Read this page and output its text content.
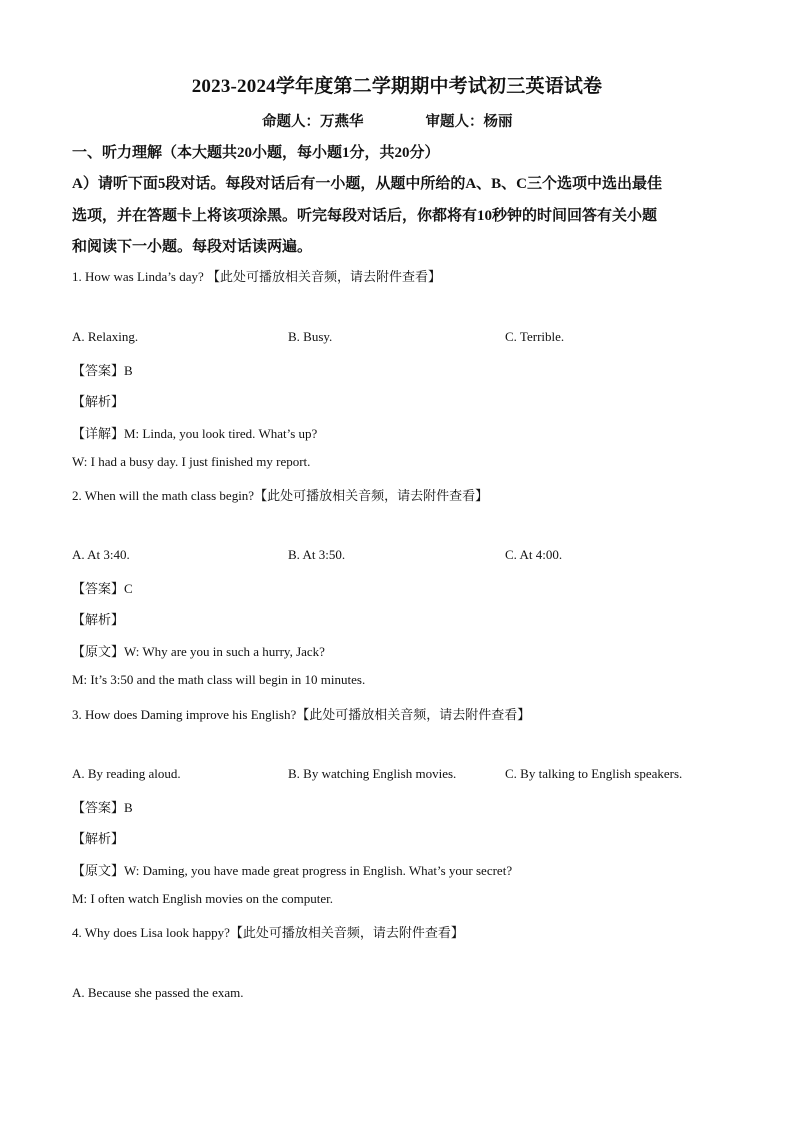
2023-2024学年度第二学期期中考试初三英语试卷
命题人：万燕华	审题人：杨丽
一、听力理解（本大题共20小题，每小题1分，共20分）
A）请听下面5段对话。每段对话后有一小题，从题中所给的A、B、C三个选项中选出最佳
选项，并在答题卡上将该项涂黑。听完每段对话后，你都将有10秒钟的时间回答有关小题
和阅读下一小题。每段对话读两遍。
1. How was Linda’s day? 【此处可播放相关音频，请去附件查看】
A. Relaxing.	B. Busy.	C. Terrible.
【答案】B
【解析】
【详解】M: Linda, you look tired. What’s up?
W: I had a busy day. I just finished my report.
2. When will the math class begin?【此处可播放相关音频，请去附件查看】
A. At 3:40.	B. At 3:50.	C. At 4:00.
【答案】C
【解析】
【原文】W: Why are you in such a hurry, Jack?
M: It’s 3:50 and the math class will begin in 10 minutes.
3. How does Daming improve his English?【此处可播放相关音频，请去附件查看】
A. By reading aloud.	B. By watching English movies.	C. By talking to English speakers.
【答案】B
【解析】
【原文】W: Daming, you have made great progress in English. What’s your secret?
M: I often watch English movies on the computer.
4. Why does Lisa look happy?【此处可播放相关音频，请去附件查看】
A. Because she passed the exam.
